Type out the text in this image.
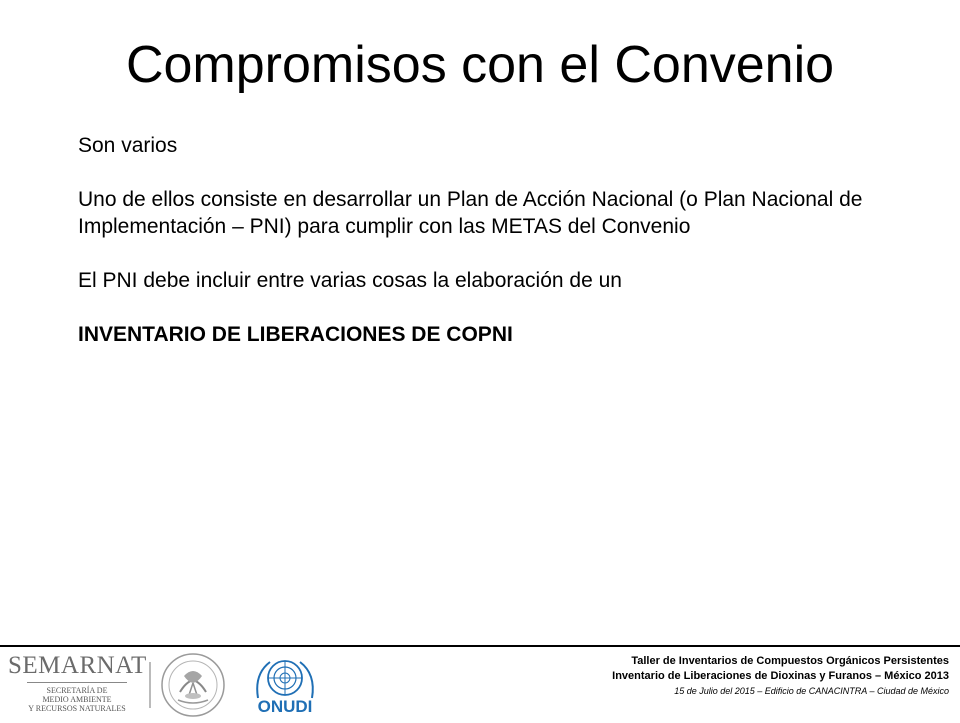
Compromisos con el Convenio

Son varios

Uno de ellos consiste en desarrollar un Plan de Acción Nacional (o Plan Nacional de Implementación – PNI) para cumplir con las METAS del Convenio

El PNI debe incluir entre varias cosas la elaboración de un

INVENTARIO DE LIBERACIONES DE COPNI

SEMARNAT
SECRETARÍA DE
MEDIO AMBIENTE
Y RECURSOS NATURALES	ONUDI
Taller de Inventarios de Compuestos Orgánicos Persistentes
Inventario de Liberaciones de Dioxinas y Furanos – México 2013
15 de Julio del 2015 – Edificio de CANACINTRA – Ciudad de México
